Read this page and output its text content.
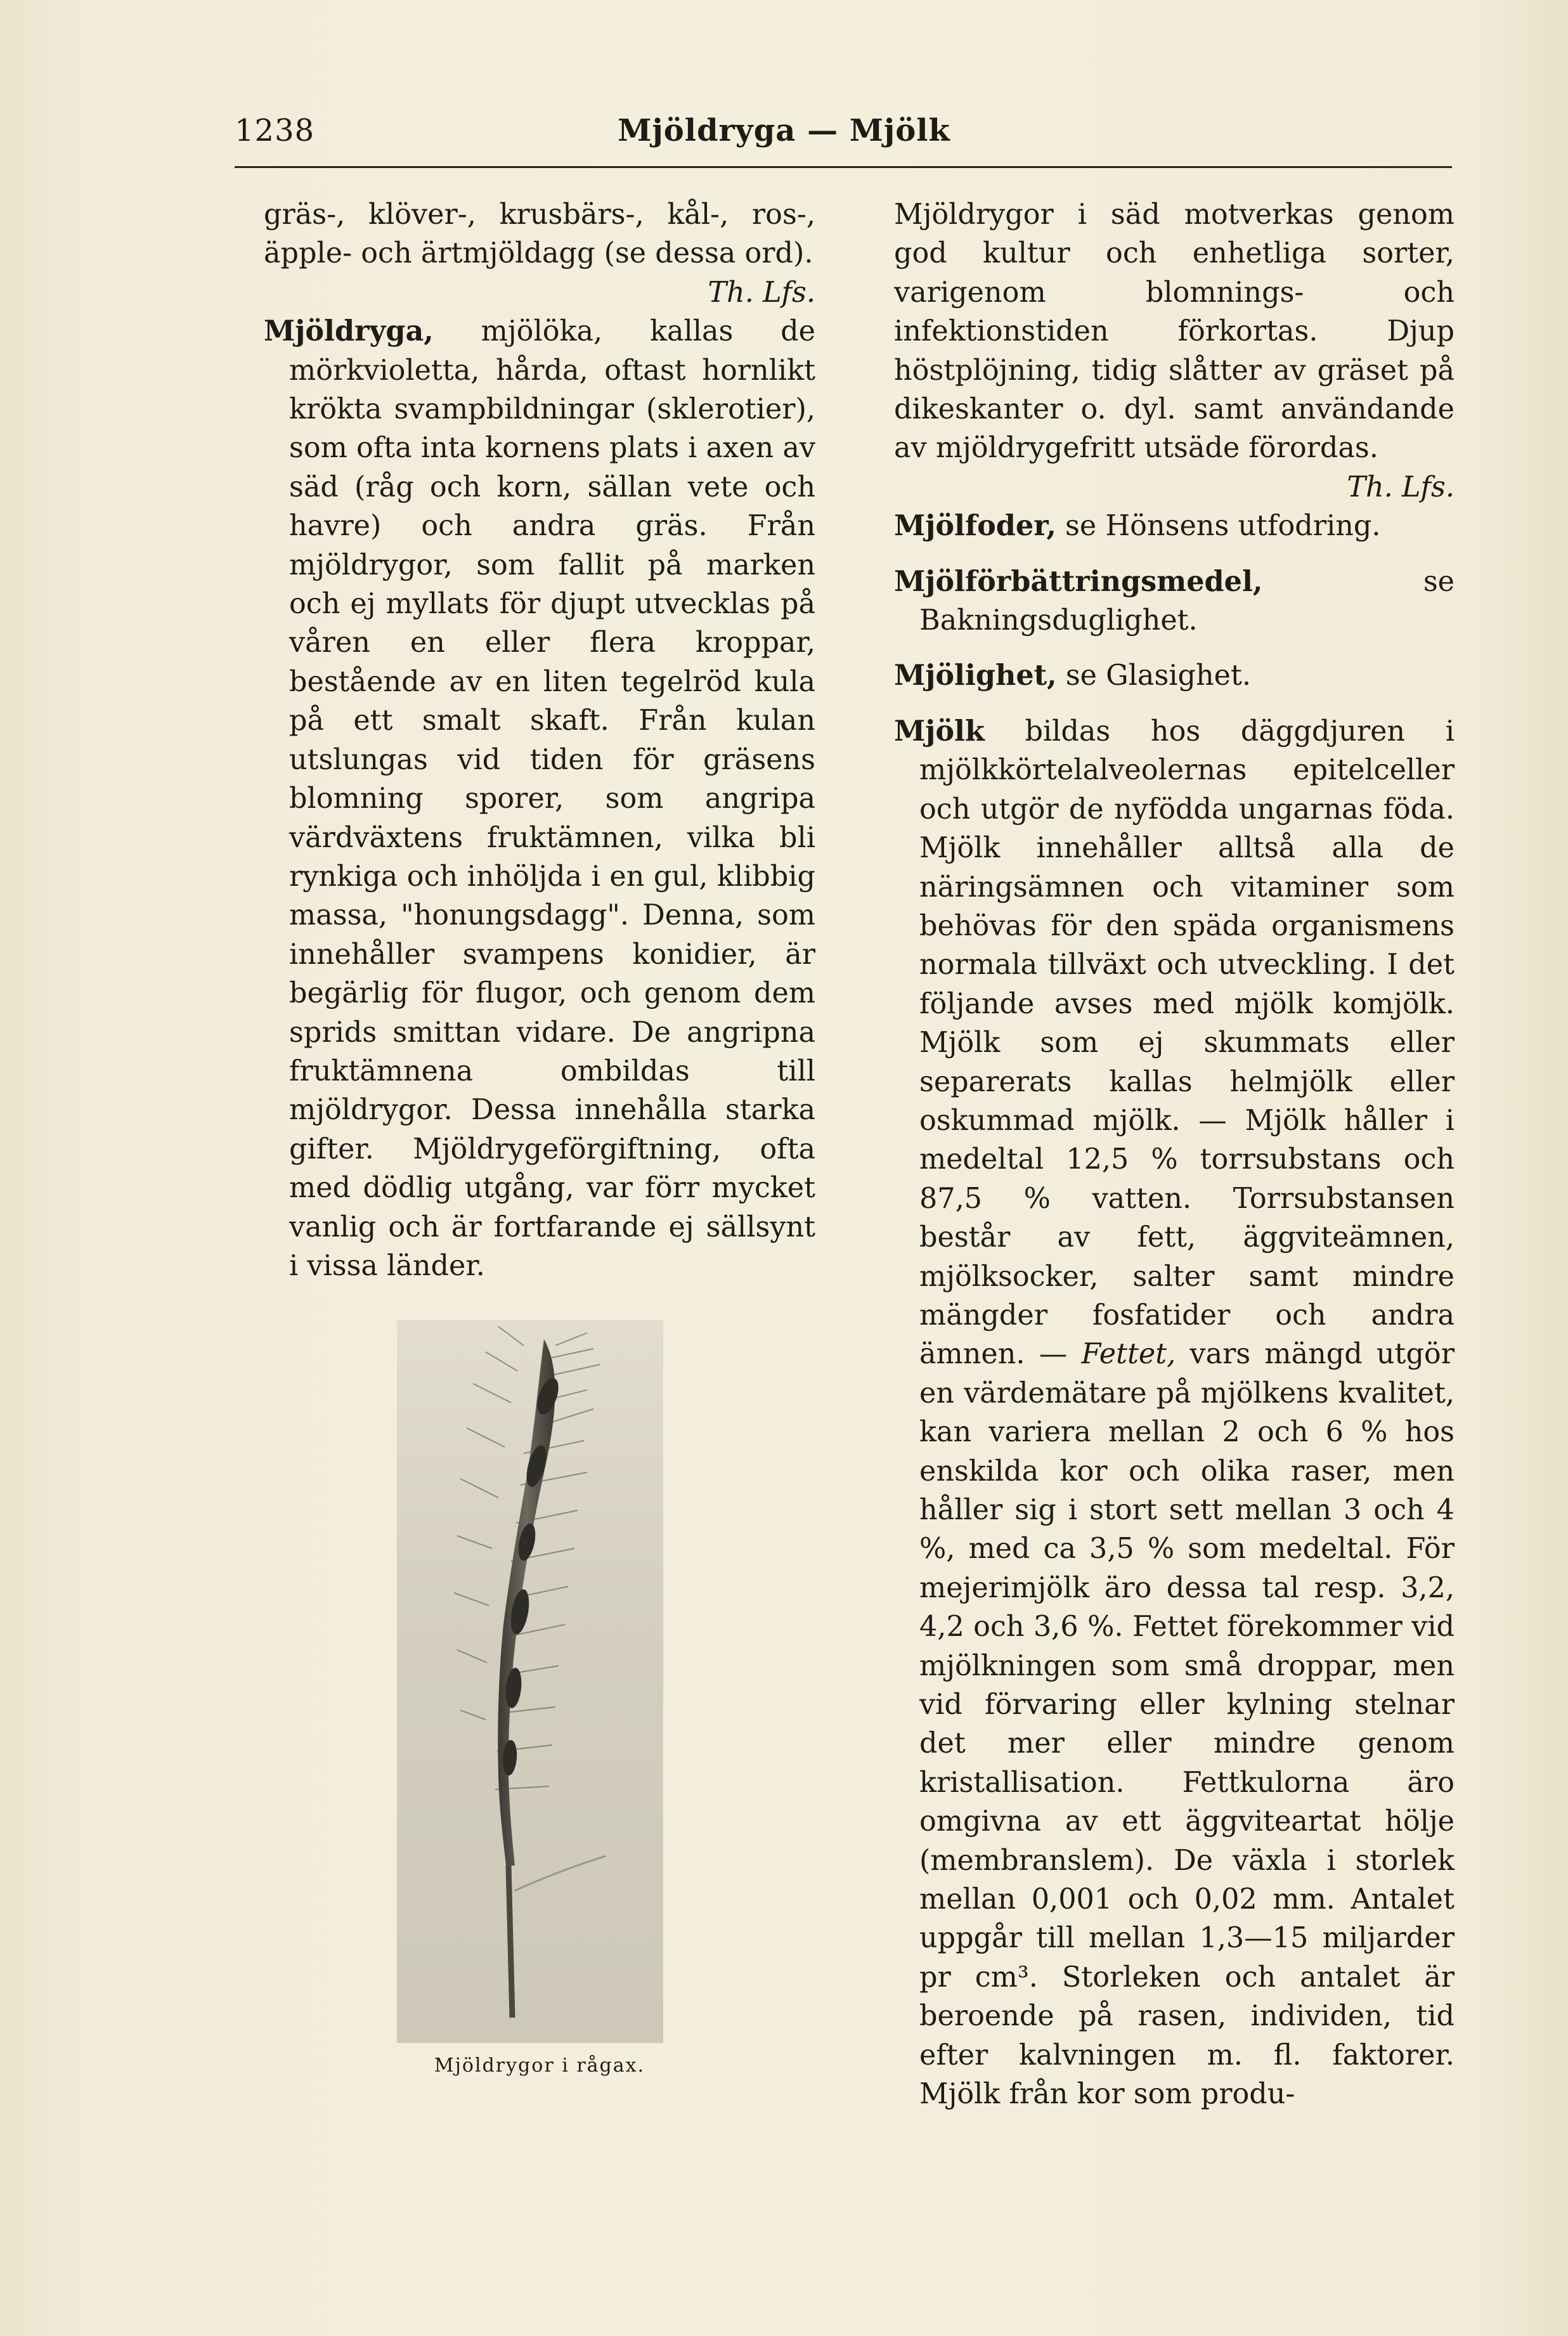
1238	Mjöldryga — Mjölk

gräs-, klöver-, krusbärs-, kål-, ros-, äpple- och ärtmjöldagg (se dessa ord).
Th. Lfs.

Mjöldryga, mjölöka, kallas de mörkvioletta, hårda, oftast hornlikt krökta svampbildningar (sklerotier), som ofta inta kornens plats i axen av säd (råg och korn, sällan vete och havre) och andra gräs. Från mjöldrygor, som fallit på marken och ej myllats för djupt utvecklas på våren en eller flera kroppar, bestående av en liten tegelröd kula på ett smalt skaft. Från kulan utslungas vid tiden för gräsens blomning sporer, som angripa värdväxtens fruktämnen, vilka bli rynkiga och inhöljda i en gul, klibbig massa, "honungsdagg". Denna, som innehåller svampens konidier, är begärlig för flugor, och genom dem sprids smittan vidare. De angripna fruktämnena ombildas till mjöldrygor. Dessa innehålla starka gifter. Mjöldrygeförgiftning, ofta med dödlig utgång, var förr mycket vanlig och är fortfarande ej sällsynt i vissa länder.

Mjöldrygor i rågax.

Mjöldrygor i säd motverkas genom god kultur och enhetliga sorter, varigenom blomnings- och infektionstiden förkortas. Djup höstplöjning, tidig slåtter av gräset på dikeskanter o. dyl. samt användande av mjöldrygefritt utsäde förordas.
Th. Lfs.

Mjölfoder, se Hönsens utfodring.

Mjölförbättringsmedel, se Bakningsduglighet.

Mjölighet, se Glasighet.

Mjölk bildas hos däggdjuren i mjölkkörtelalveolernas epitelceller och utgör de nyfödda ungarnas föda. Mjölk innehåller alltså alla de näringsämnen och vitaminer som behövas för den späda organismens normala tillväxt och utveckling. I det följande avses med mjölk komjölk. Mjölk som ej skummats eller separerats kallas helmjölk eller oskummad mjölk. — Mjölk håller i medeltal 12,5 % torrsubstans och 87,5 % vatten. Torrsubstansen består av fett, äggviteämnen, mjölksocker, salter samt mindre mängder fosfatider och andra ämnen. — Fettet, vars mängd utgör en värdemätare på mjölkens kvalitet, kan variera mellan 2 och 6 % hos enskilda kor och olika raser, men håller sig i stort sett mellan 3 och 4 %, med ca 3,5 % som medeltal. För mejerimjölk äro dessa tal resp. 3,2, 4,2 och 3,6 %. Fettet förekommer vid mjölkningen som små droppar, men vid förvaring eller kylning stelnar det mer eller mindre genom kristallisation. Fettkulorna äro omgivna av ett äggviteartat hölje (membranslem). De växla i storlek mellan 0,001 och 0,02 mm. Antalet uppgår till mellan 1,3—15 miljarder pr cm³. Storleken och antalet är beroende på rasen, individen, tid efter kalvningen m. fl. faktorer. Mjölk från kor som produ-
